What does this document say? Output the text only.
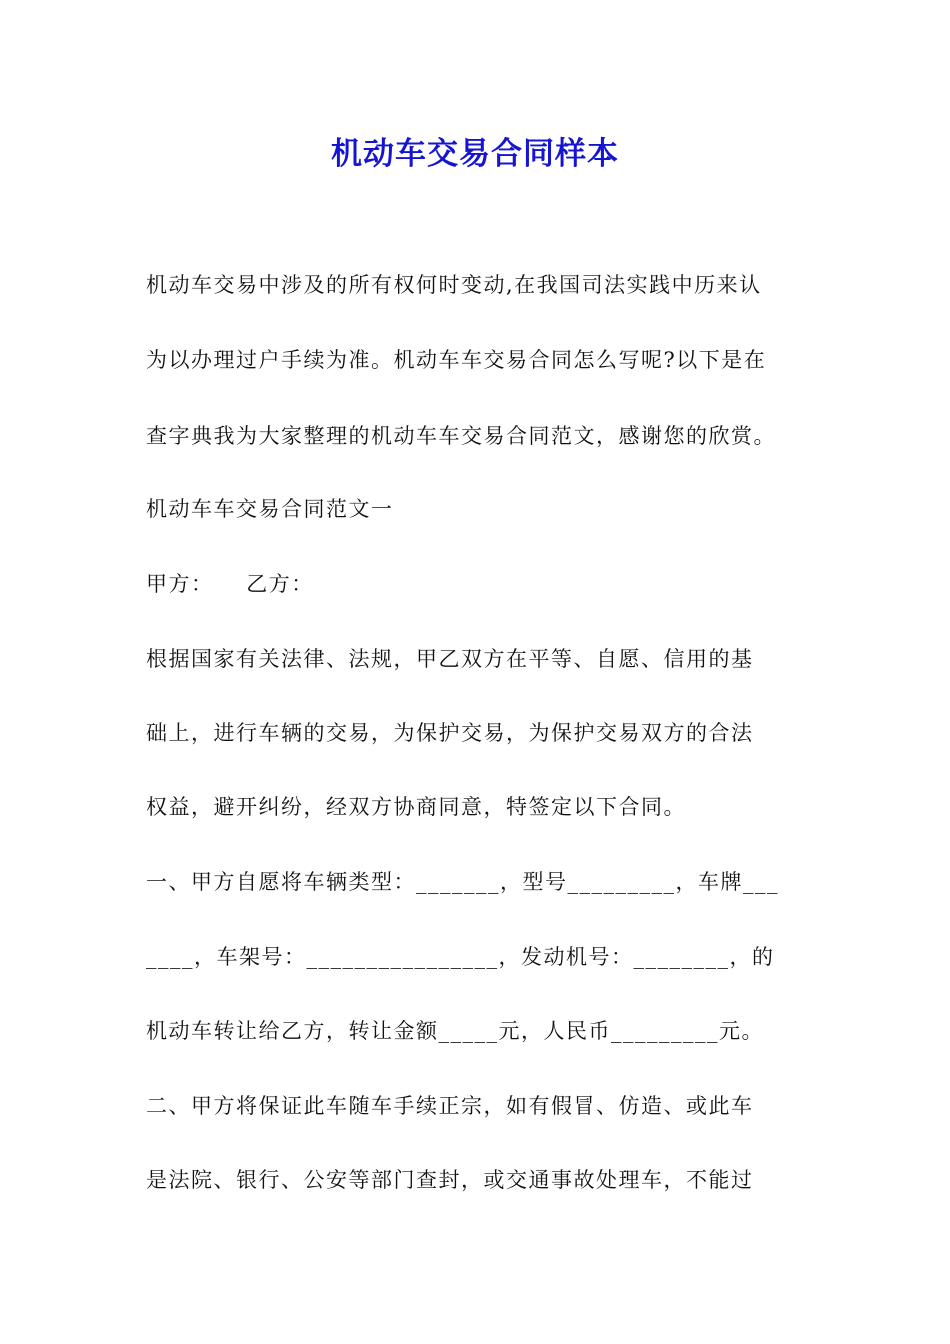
机动车交易合同样本
机动车交易中涉及的所有权何时变动,在我国司法实践中历来认
为以办理过户手续为准。机动车车交易合同怎么写呢?以下是在
查字典我为大家整理的机动车车交易合同范文，感谢您的欣赏。
机动车车交易合同范文一
甲方：    乙方：
根据国家有关法律、法规，甲乙双方在平等、自愿、信用的基
础上，进行车辆的交易，为保护交易，为保护交易双方的合法
权益，避开纠纷，经双方协商同意，特签定以下合同。
一、甲方自愿将车辆类型：_______，型号_________，车牌___
____，车架号：________________，发动机号：________，的
机动车转让给乙方，转让金额_____元，人民币_________元。
二、甲方将保证此车随车手续正宗，如有假冒、仿造、或此车
是法院、银行、公安等部门查封，或交通事故处理车，不能过
